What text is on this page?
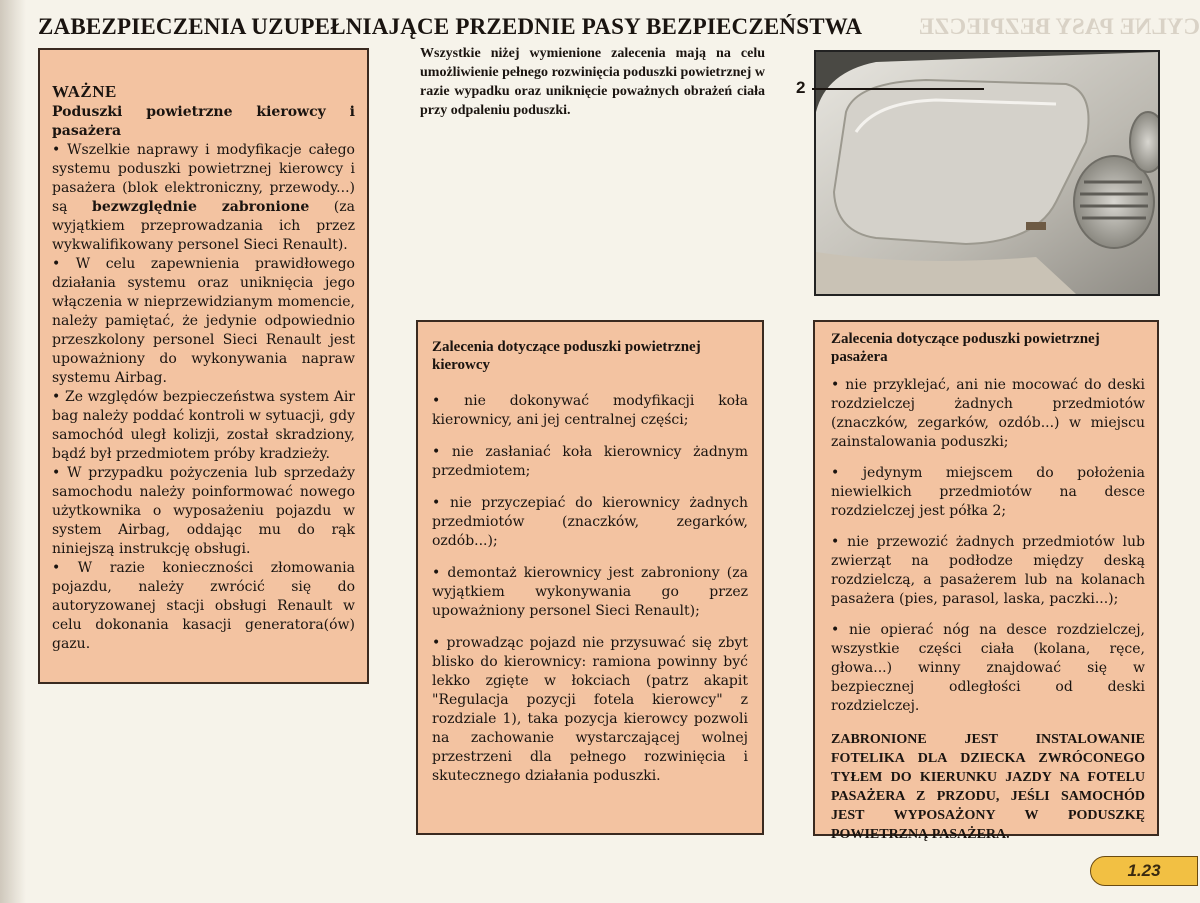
ZABEZPIECZENIA UZUPEŁNIAJĄCE PRZEDNIE PASY BEZPIECZEŃSTWA	CYLNE PASY BEZPIECZE
WAŻNE
Poduszki powietrzne kierowcy i pasażera

• Wszelkie naprawy i modyfikacje całego systemu poduszki powietrznej kierowcy i pasażera (blok elektroniczny, przewody...) są bezwzględnie zabronione (za wyjątkiem przeprowadzania ich przez wykwalifikowany personel Sieci Renault).

• W celu zapewnienia prawidłowego działania systemu oraz uniknięcia jego włączenia w nieprzewidzianym momencie, należy pamiętać, że jedynie odpowiednio przeszkolony personel Sieci Renault jest upoważniony do wykonywania napraw systemu Airbag.

• Ze względów bezpieczeństwa system Air bag należy poddać kontroli w sytuacji, gdy samochód uległ kolizji, został skradziony, bądź był przedmiotem próby kradzieży.

• W przypadku pożyczenia lub sprzedaży samochodu należy poinformować nowego użytkownika o wyposażeniu pojazdu w system Airbag, oddając mu do rąk niniejszą instrukcję obsługi.

• W razie konieczności złomowania pojazdu, należy zwrócić się do autoryzowanej stacji obsługi Renault w celu dokonania kasacji generatora(ów) gazu.

Wszystkie niżej wymienione zalecenia mają na celu umożliwienie pełnego rozwinięcia poduszki powietrznej w razie wypadku oraz uniknięcie poważnych obrażeń ciała przy odpaleniu poduszki.
2
Zalecenia dotyczące poduszki powietrznej kierowcy

• nie dokonywać modyfikacji koła kierownicy, ani jej centralnej części;

• nie zasłaniać koła kierownicy żadnym przedmiotem;

• nie przyczepiać do kierownicy żadnych przedmiotów (znaczków, zegarków, ozdób...);

• demontaż kierownicy jest zabroniony (za wyjątkiem wykonywania go przez upoważniony personel Sieci Renault);

• prowadząc pojazd nie przysuwać się zbyt blisko do kierownicy: ramiona powinny być lekko zgięte w łokciach (patrz akapit "Regulacja pozycji fotela kierowcy" z rozdziale 1), taka pozycja kierowcy pozwoli na zachowanie wystarczającej wolnej przestrzeni dla pełnego rozwinięcia i skutecznego działania poduszki.

Zalecenia dotyczące poduszki powietrznej pasażera

• nie przyklejać, ani nie mocować do deski rozdzielczej żadnych przedmiotów (znaczków, zegarków, ozdób...) w miejscu zainstalowania poduszki;

• jedynym miejscem do położenia niewielkich przedmiotów na desce rozdzielczej jest półka 2;

• nie przewozić żadnych przedmiotów lub zwierząt na podłodze między deską rozdzielczą, a pasażerem lub na kolanach pasażera (pies, parasol, laska, paczki...);

• nie opierać nóg na desce rozdzielczej, wszystkie części ciała (kolana, ręce, głowa...) winny znajdować się w bezpiecznej odległości od deski rozdzielczej.

ZABRONIONE JEST INSTALOWANIE FOTELIKA DLA DZIECKA ZWRÓCONEGO TYŁEM DO KIERUNKU JAZDY NA FOTELU PASAŻERA Z PRZODU, JEŚLI SAMOCHÓD JEST WYPOSAŻONY W PODUSZKĘ POWIETRZNĄ PASAŻERA.
1.23
